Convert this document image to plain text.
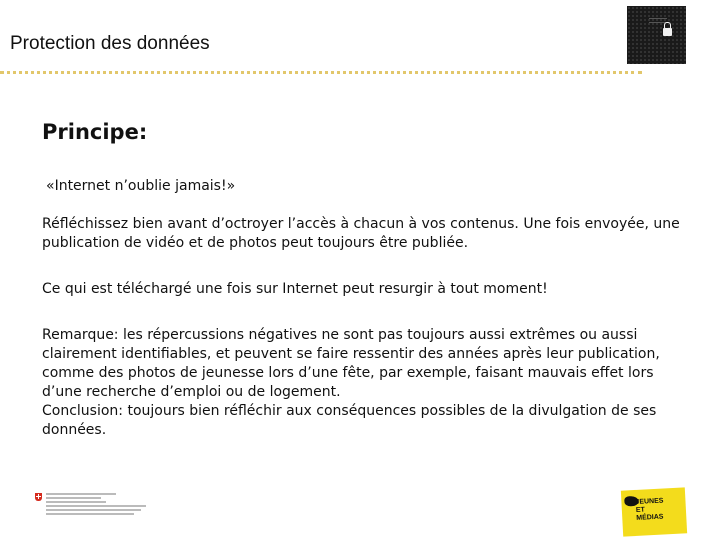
Protection des données

Principe:

«Internet n’oublie jamais!»

Réfléchissez bien avant d’octroyer l’accès à chacun à vos contenus. Une fois envoyée, une publication de vidéo et de photos peut toujours être publiée.

Ce qui est téléchargé une fois sur Internet peut resurgir à tout moment!

Remarque: les répercussions négatives ne sont pas toujours aussi extrêmes ou aussi clairement identifiables, et peuvent se faire ressentir des années après leur publication, comme des photos de jeunesse lors d’une fête, par exemple, faisant mauvais effet lors d’une recherche d’emploi ou de logement.

Conclusion: toujours bien réfléchir aux conséquences possibles de la divulgation de ses données.

JEUNES
ET
MÉDIAS
